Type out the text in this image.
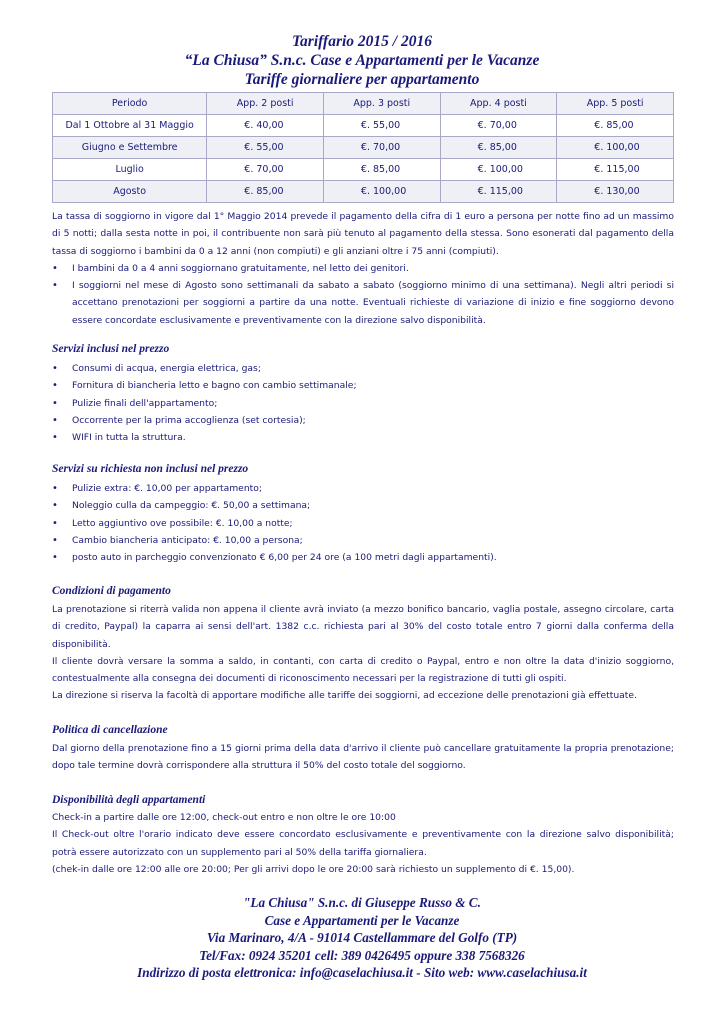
Tariffario 2015 / 2016
“La Chiusa” S.n.c. Case e Appartamenti per le Vacanze
Tariffe giornaliere per appartamento
Periodo	App. 2 posti	App. 3 posti	App. 4 posti	App. 5 posti
Dal 1 Ottobre al 31 Maggio	€. 40,00	€. 55,00	€. 70,00	€. 85,00
Giugno e Settembre	€. 55,00	€. 70,00	€. 85,00	€. 100,00
Luglio	€. 70,00	€. 85,00	€. 100,00	€. 115,00
Agosto	€. 85,00	€. 100,00	€. 115,00	€. 130,00
La tassa di soggiorno in vigore dal 1° Maggio 2014 prevede il pagamento della cifra di 1 euro a persona per notte fino ad un massimo di 5 notti; dalla sesta notte in poi, il contribuente non sarà più tenuto al pagamento della stessa. Sono esonerati dal pagamento della tassa di soggiorno i bambini da 0 a 12 anni (non compiuti) e gli anziani oltre i 75 anni (compiuti).
• I bambini da 0 a 4 anni soggiornano gratuitamente, nel letto dei genitori.
• I soggiorni nel mese di Agosto sono settimanali da sabato a sabato (soggiorno minimo di una settimana). Negli altri periodi si accettano prenotazioni per soggiorni a partire da una notte. Eventuali richieste di variazione di inizio e fine soggiorno devono essere concordate esclusivamente e preventivamente con la direzione salvo disponibilità.
Servizi inclusi nel prezzo
• Consumi di acqua, energia elettrica, gas;
• Fornitura di biancheria letto e bagno con cambio settimanale;
• Pulizie finali dell'appartamento;
• Occorrente per la prima accoglienza (set cortesia);
• WIFI in tutta la struttura.
Servizi su richiesta non inclusi nel prezzo
• Pulizie extra: €. 10,00 per appartamento;
• Noleggio culla da campeggio: €. 50,00 a settimana;
• Letto aggiuntivo ove possibile: €. 10,00 a notte;
• Cambio biancheria anticipato: €. 10,00 a persona;
• posto auto in parcheggio convenzionato € 6,00 per 24 ore (a 100 metri dagli appartamenti).
Condizioni di pagamento
La prenotazione si riterrà valida non appena il cliente avrà inviato (a mezzo bonifico bancario, vaglia postale, assegno circolare, carta di credito, Paypal) la caparra ai sensi dell'art. 1382 c.c. richiesta pari al 30% del costo totale entro 7 giorni dalla conferma della disponibilità.
Il cliente dovrà versare la somma a saldo, in contanti, con carta di credito o Paypal, entro e non oltre la data d'inizio soggiorno, contestualmente alla consegna dei documenti di riconoscimento necessari per la registrazione di tutti gli ospiti.
La direzione si riserva la facoltà di apportare modifiche alle tariffe dei soggiorni, ad eccezione delle prenotazioni già effettuate.
Politica di cancellazione
Dal giorno della prenotazione fino a 15 giorni prima della data d'arrivo il cliente può cancellare gratuitamente la propria prenotazione; dopo tale termine dovrà corrispondere alla struttura il 50% del costo totale del soggiorno.
Disponibilità degli appartamenti
Check-in a partire dalle ore 12:00, check-out entro e non oltre le ore 10:00
Il Check-out oltre l'orario indicato deve essere concordato esclusivamente e preventivamente con la direzione salvo disponibilità; potrà essere autorizzato con un supplemento pari al 50% della tariffa giornaliera.
(chek-in dalle ore 12:00 alle ore 20:00; Per gli arrivi dopo le ore 20:00 sarà richiesto un supplemento di €. 15,00).
"La Chiusa" S.n.c. di Giuseppe Russo & C.
Case e Appartamenti per le Vacanze
Via Marinaro, 4/A - 91014 Castellammare del Golfo (TP)
Tel/Fax: 0924 35201 cell: 389 0426495 oppure 338 7568326
Indirizzo di posta elettronica: info@caselachiusa.it - Sito web: www.caselachiusa.it
